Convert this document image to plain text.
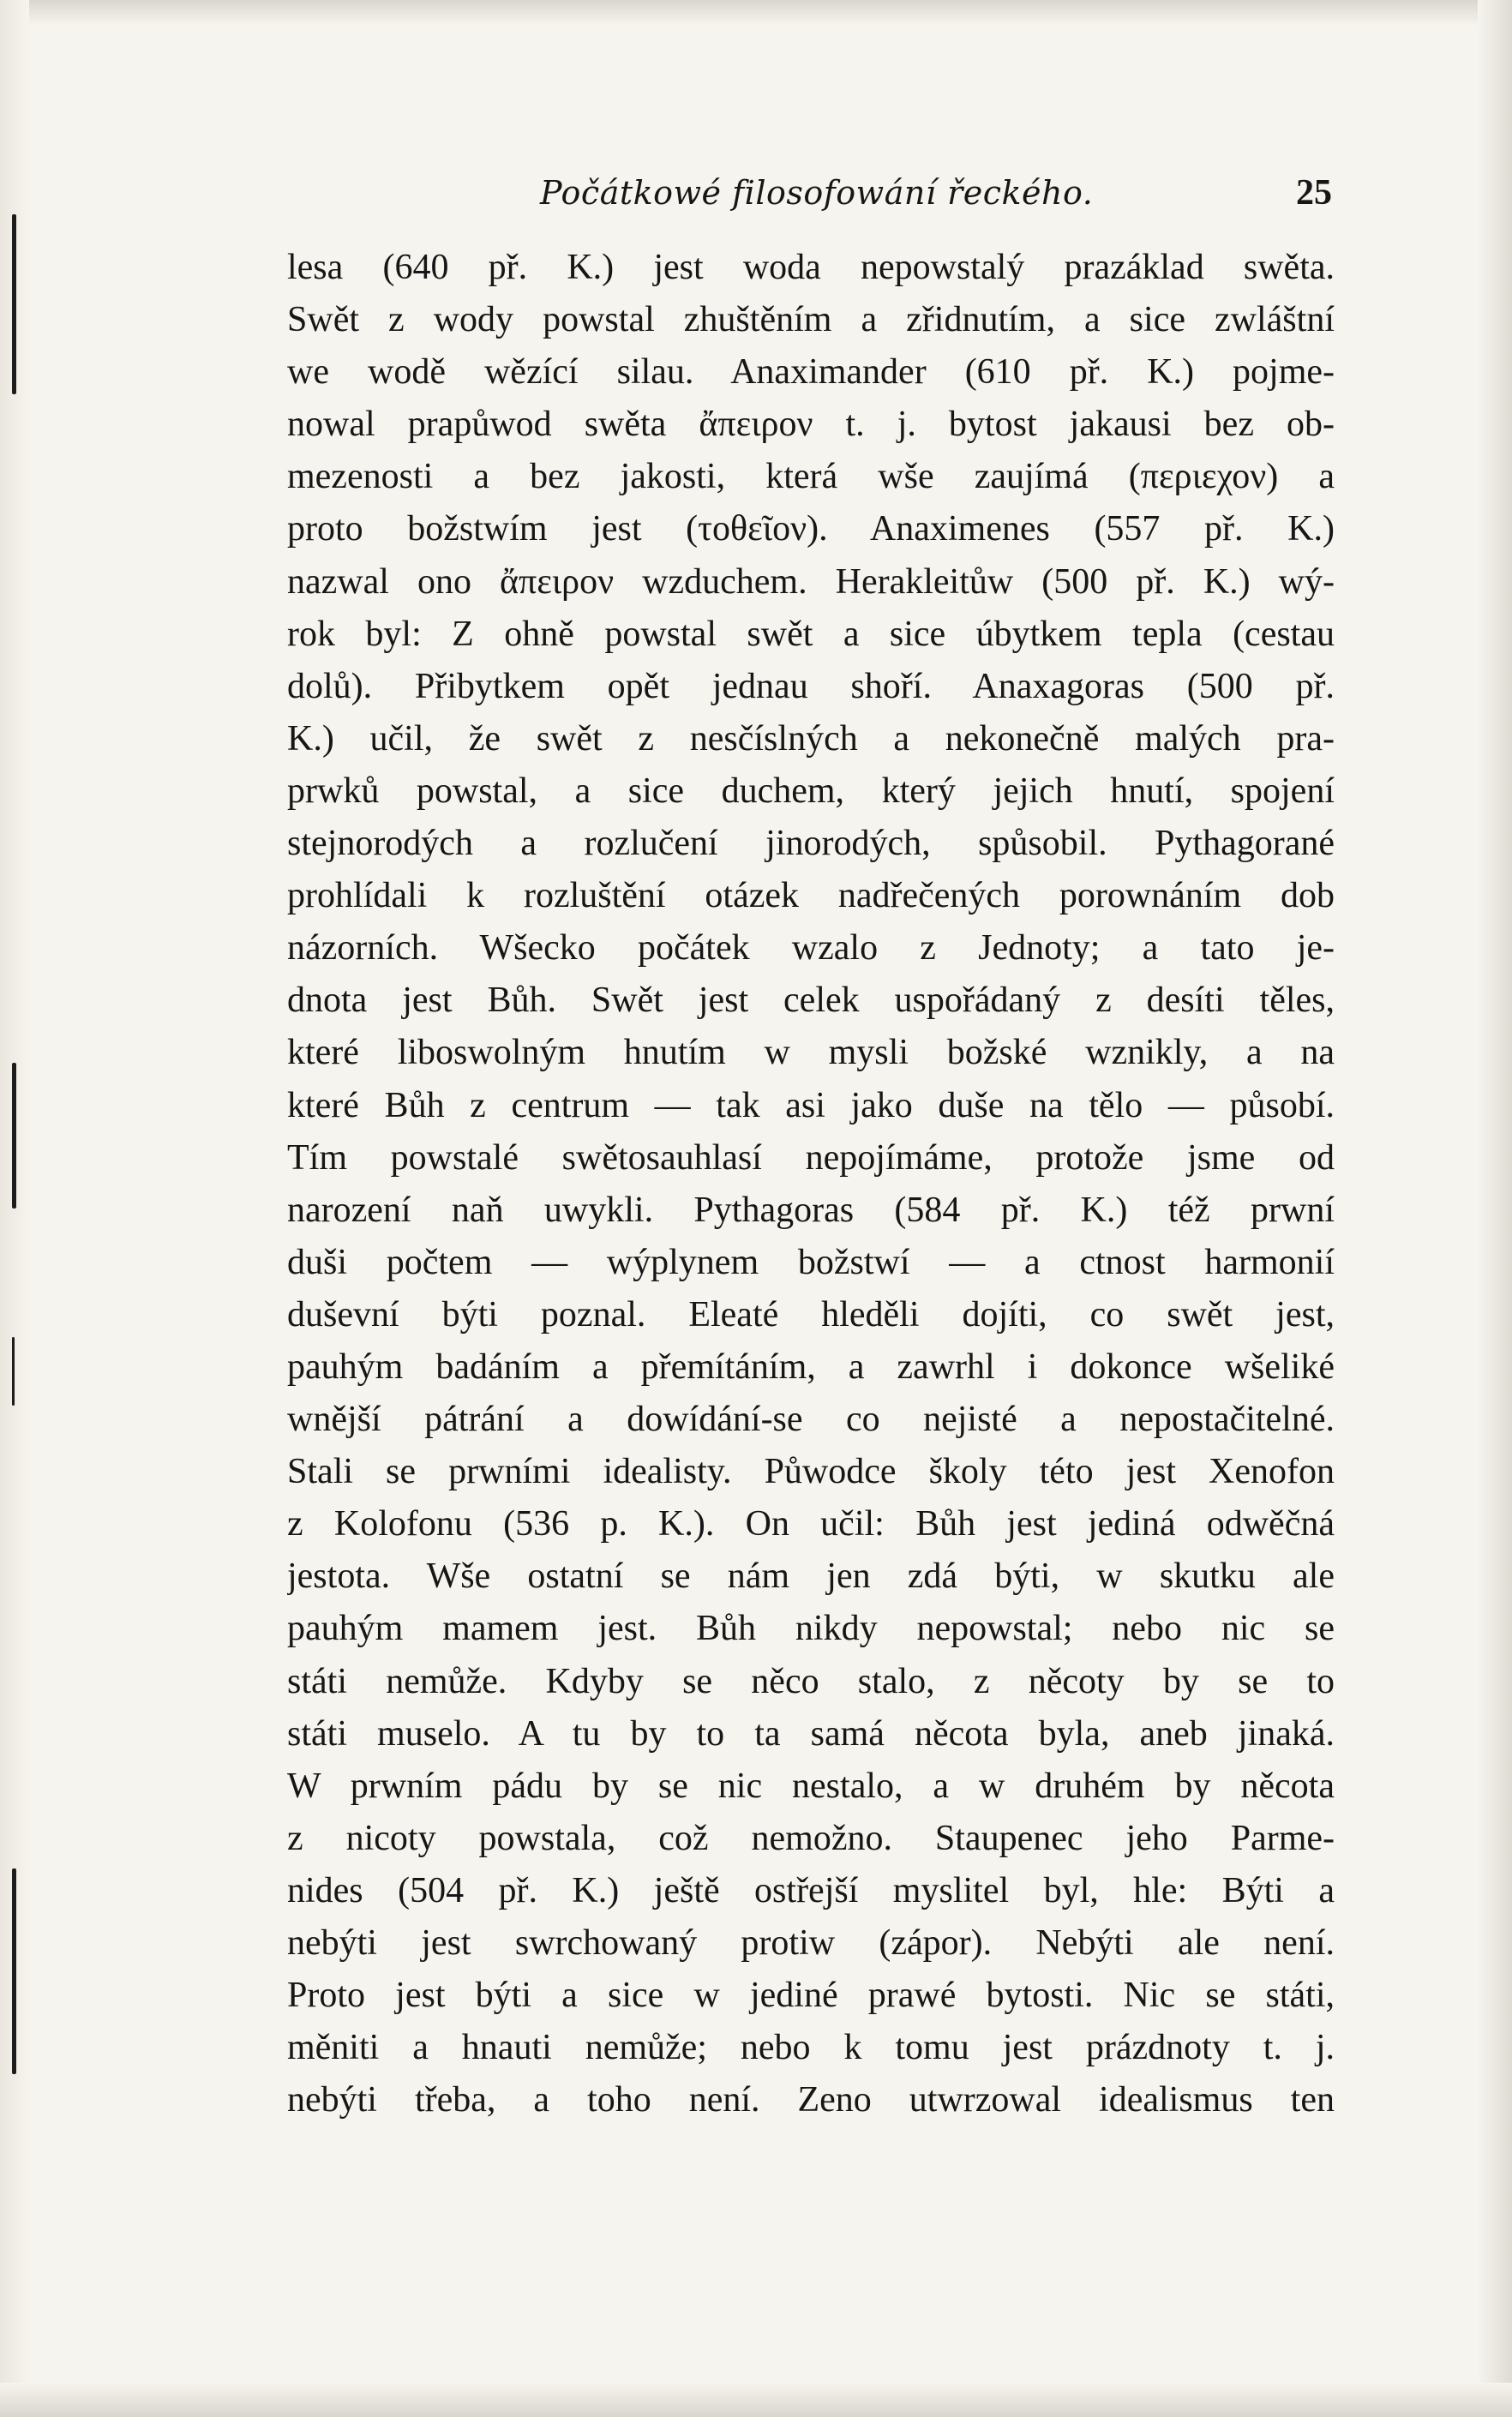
Počátkowé filosofowání řeckého.	25
lesa (640 př. K.) jest woda nepowstalý prazáklad swěta.
Swět z wody powstal zhuštěním a zřidnutím, a sice zwláštní
we wodě wězící silau. Anaximander (610 př. K.) pojme-
nowal prapůwod swěta ἄπειρον t. j. bytost jakausi bez ob-
mezenosti a bez jakosti, která wše zaujímá (περιεχον) a
proto božstwím jest (τοθεῖον). Anaximenes (557 př. K.)
nazwal ono ἄπειρον wzduchem. Herakleitůw (500 př. K.) wý-
rok byl: Z ohně powstal swět a sice úbytkem tepla (cestau
dolů). Přibytkem opět jednau shoří. Anaxagoras (500 př.
K.) učil, že swět z nesčíslných a nekonečně malých pra-
prwků powstal, a sice duchem, který jejich hnutí, spojení
stejnorodých a rozlučení jinorodých, spůsobil. Pythagorané
prohlídali k rozluštění otázek nadřečených porownáním dob
názorních. Wšecko počátek wzalo z Jednoty; a tato je-
dnota jest Bůh. Swět jest celek uspořádaný z desíti těles,
které liboswolným hnutím w mysli božské wznikly, a na
které Bůh z centrum — tak asi jako duše na tělo — působí.
Tím powstalé swětosauhlasí nepojímáme, protože jsme od
narození naň uwykli. Pythagoras (584 př. K.) též prwní
duši počtem — wýplynem božstwí — a ctnost harmonií
duševní býti poznal. Eleaté hleděli dojíti, co swět jest,
pauhým badáním a přemítáním, a zawrhl i dokonce wšeliké
wnější pátrání a dowídání-se co nejisté a nepostačitelné.
Stali se prwními idealisty. Půwodce školy této jest Xenofon
z Kolofonu (536 p. K.). On učil: Bůh jest jediná odwěčná
jestota. Wše ostatní se nám jen zdá býti, w skutku ale
pauhým mamem jest. Bůh nikdy nepowstal; nebo nic se
státi nemůže. Kdyby se něco stalo, z něcoty by se to
státi muselo. A tu by to ta samá něcota byla, aneb jinaká.
W prwním pádu by se nic nestalo, a w druhém by něcota
z nicoty powstala, což nemožno. Staupenec jeho Parme-
nides (504 př. K.) ještě ostřejší myslitel byl, hle: Býti a
nebýti jest swrchowaný protiw (zápor). Nebýti ale není.
Proto jest býti a sice w jediné prawé bytosti. Nic se státi,
měniti a hnauti nemůže; nebo k tomu jest prázdnoty t. j.
nebýti třeba, a toho není. Zeno utwrzowal idealismus ten
